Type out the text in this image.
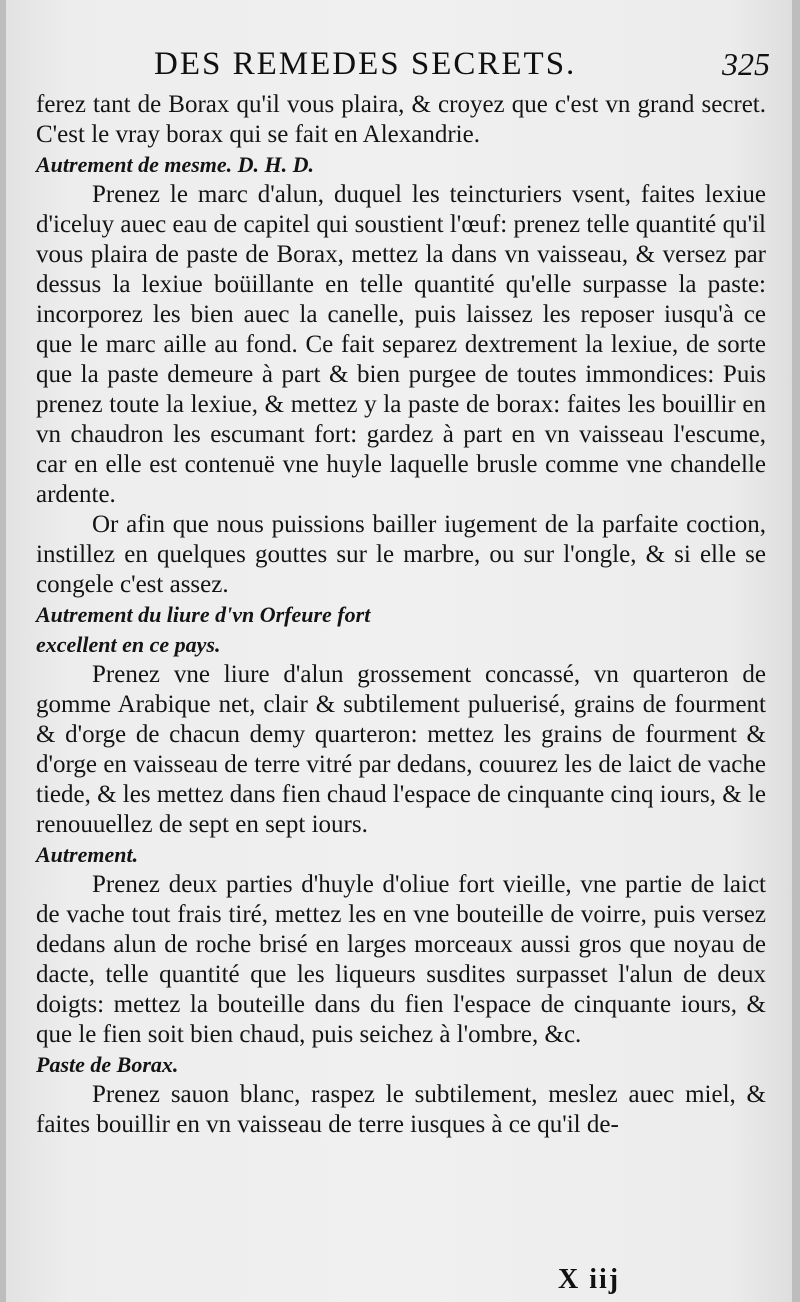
DES REMEDES SECRETS.	325

ferez tant de Borax qu'il vous plaira, & croyez que c'est vn grand secret. C'est le vray borax qui se fait en Alexandrie.

Autrement de mesme. D. H. D.

Prenez le marc d'alun, duquel les teincturiers vsent, faites lexiue d'iceluy auec eau de capitel qui soustient l'œuf: prenez telle quantité qu'il vous plaira de paste de Borax, mettez la dans vn vaisseau, & versez par dessus la lexiue boüillante en telle quantité qu'elle surpasse la paste: incorporez les bien auec la canelle, puis laissez les reposer iusqu'à ce que le marc aille au fond. Ce fait separez dextrement la lexiue, de sorte que la paste demeure à part & bien purgee de toutes immondices: Puis prenez toute la lexiue, & mettez y la paste de borax: faites les bouillir en vn chaudron les escumant fort: gardez à part en vn vaisseau l'escume, car en elle est contenuë vne huyle laquelle brusle comme vne chandelle ardente.

Or afin que nous puissions bailler iugement de la parfaite coction, instillez en quelques gouttes sur le marbre, ou sur l'ongle, & si elle se congele c'est assez.

Autrement du liure d'vn Orfeure fort

excellent en ce pays.

Prenez vne liure d'alun grossement concassé, vn quarteron de gomme Arabique net, clair & subtilement puluerisé, grains de fourment & d'orge de chacun demy quarteron: mettez les grains de fourment & d'orge en vaisseau de terre vitré par dedans, couurez les de laict de vache tiede, & les mettez dans fien chaud l'espace de cinquante cinq iours, & le renouuellez de sept en sept iours.

Autrement.

Prenez deux parties d'huyle d'oliue fort vieille, vne partie de laict de vache tout frais tiré, mettez les en vne bouteille de voirre, puis versez dedans alun de roche brisé en larges morceaux aussi gros que noyau de dacte, telle quantité que les liqueurs susdites surpasset l'alun de deux doigts: mettez la bouteille dans du fien l'espace de cinquante iours, & que le fien soit bien chaud, puis seichez à l'ombre, &c.

Paste de Borax.

Prenez sauon blanc, raspez le subtilement, meslez auec miel, & faites bouillir en vn vaisseau de terre iusques à ce qu'il de-

X iij
